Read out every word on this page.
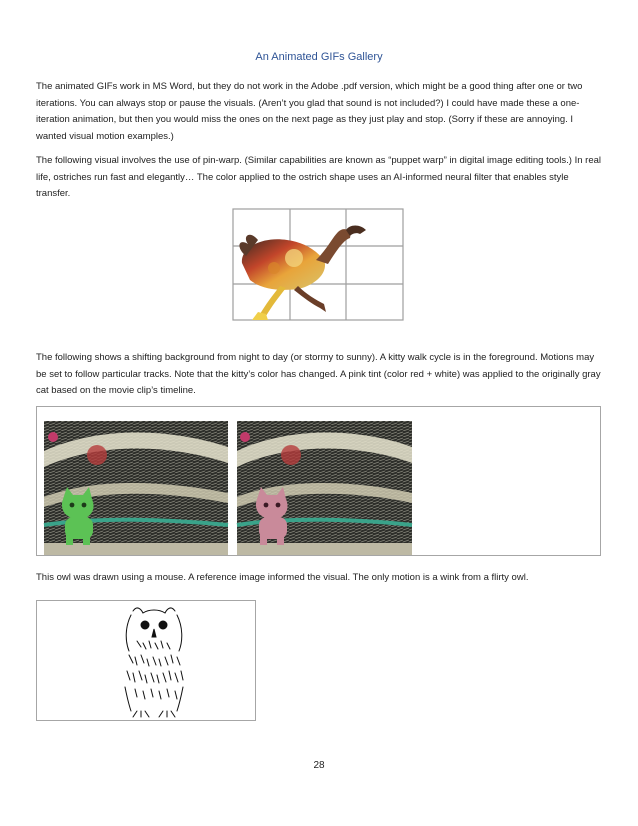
An Animated GIFs Gallery

The animated GIFs work in MS Word, but they do not work in the Adobe .pdf version, which might be a good thing after one or two iterations. You can always stop or pause the visuals. (Aren’t you glad that sound is not included?) I could have made these a one-iteration animation, but then you would miss the ones on the next page as they just play and stop. (Sorry if these are annoying. I wanted visual motion examples.)

The following visual involves the use of pin-warp. (Similar capabilities are known as “puppet warp” in digital image editing tools.) In real life, ostriches run fast and elegantly… The color applied to the ostrich shape uses an AI-informed neural filter that enables style transfer.

The following shows a shifting background from night to day (or stormy to sunny). A kitty walk cycle is in the foreground. Motions may be set to follow particular tracks. Note that the kitty’s color has changed. A pink tint (color red + white) was applied to the originally gray cat based on the movie clip’s timeline.

This owl was drawn using a mouse. A reference image informed the visual. The only motion is a wink from a flirty owl.

28
